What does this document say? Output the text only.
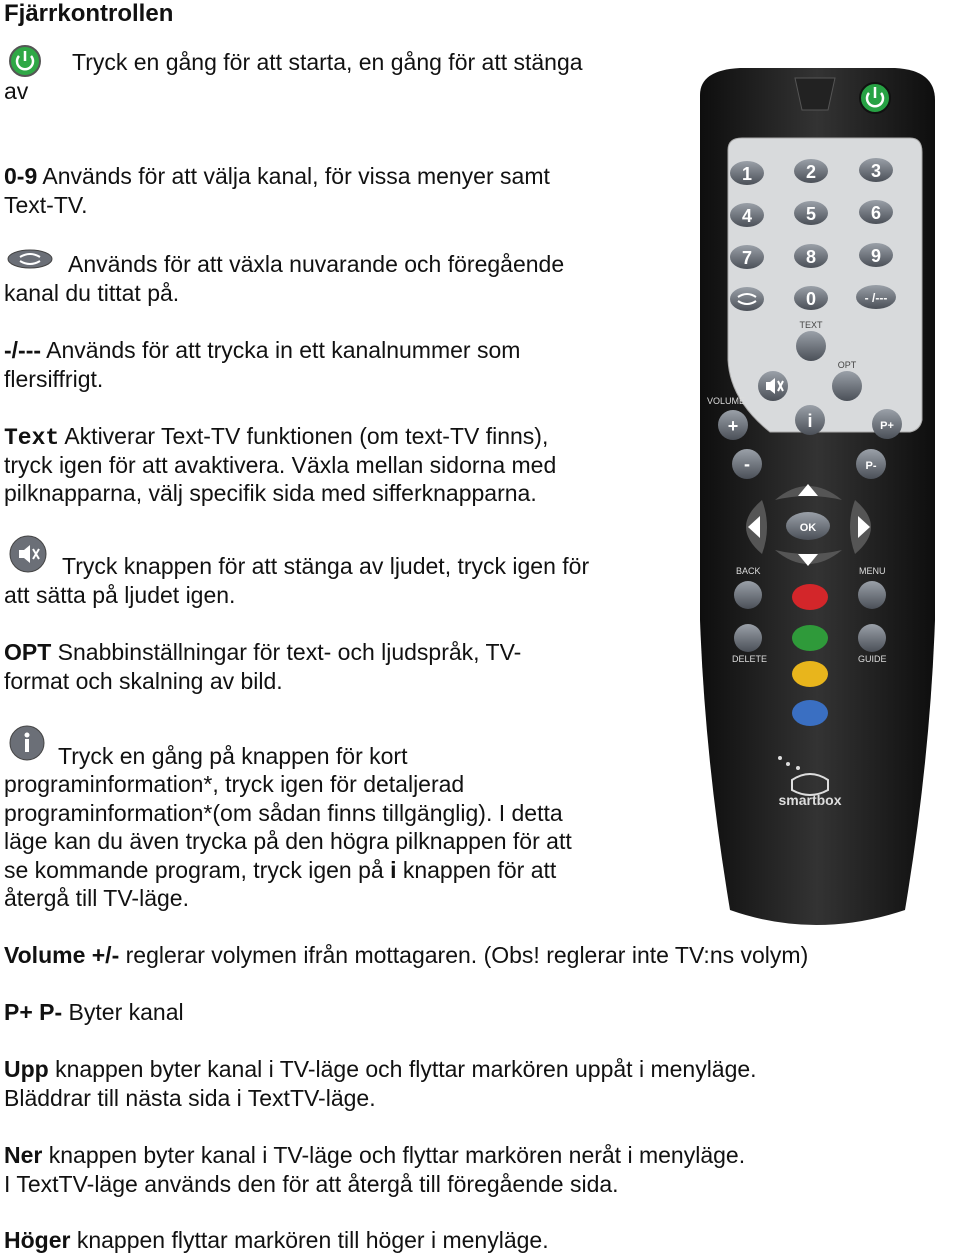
Fjärrkontrollen
Tryck en gång för att starta, en gång för att stänga
av
0-9 Används för att välja kanal, för vissa menyer samt
Text-TV.
Används för att växla nuvarande och föregående
kanal du tittat på.
-/--- Används för att trycka in ett kanalnummer som
flersiffrigt.
Text Aktiverar Text-TV funktionen (om text-TV finns),
tryck igen för att avaktivera. Växla mellan sidorna med
pilknapparna, välj specifik sida med sifferknapparna.
Tryck knappen för att stänga av ljudet, tryck igen för
att sätta på ljudet igen.
OPT Snabbinställningar för text- och ljudspråk, TV-
format och skalning av bild.
Tryck en gång på knappen för kort
programinformation*, tryck igen för detaljerad
programinformation*(om sådan finns tillgänglig). I detta
läge kan du även trycka på den högra pilknappen för att
se kommande program, tryck igen på i knappen för att
återgå till TV-läge.
Volume +/- reglerar volymen ifrån mottagaren. (Obs! reglerar inte TV:ns volym)
P+ P- Byter kanal
Upp knappen byter kanal i TV-läge och flyttar markören uppåt i menyläge.
Bläddrar till nästa sida i TextTV-läge.
Ner knappen byter kanal i TV-läge och flyttar markören neråt i menyläge.
I TextTV-läge används den för att återgå till föregående sida.
Höger knappen flyttar markören till höger i menyläge.
1	2	3
4	5	6
7	8	9
0	- /---
TEXT
OPT
i
VOLUME
+
-
P+
P-
OK
BACK	MENU
DELETE	GUIDE
smartbox
